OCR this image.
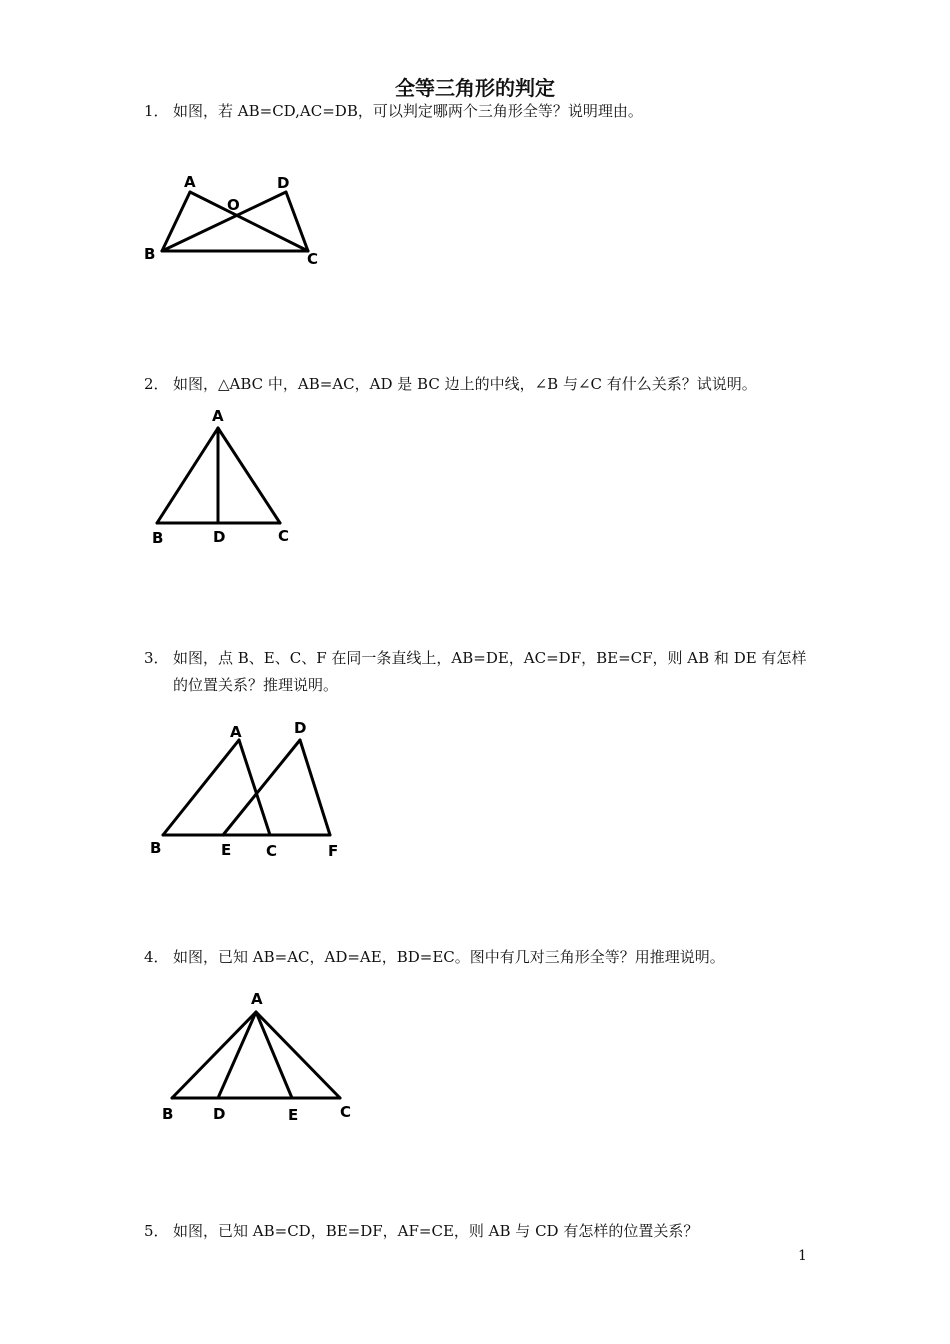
全等三角形的判定
1． 如图，若 AB=CD,AC=DB，可以判定哪两个三角形全等？说明理由。
A
O
D
B	C
2． 如图，△ABC 中，AB=AC，AD 是 BC 边上的中线，∠B 与∠C 有什么关系？试说明。
A
B	D	C
3． 如图，点 B、E、C、F 在同一条直线上，AB=DE，AC=DF，BE=CF，则 AB 和 DE 有怎样的位置关系？推理说明。
A	D
B	E C	F
4． 如图，已知 AB=AC，AD=AE，BD=EC。图中有几对三角形全等？用推理说明。
A
B	D	E	C
5． 如图，已知 AB=CD，BE=DF，AF=CE，则 AB 与 CD 有怎样的位置关系？
1
